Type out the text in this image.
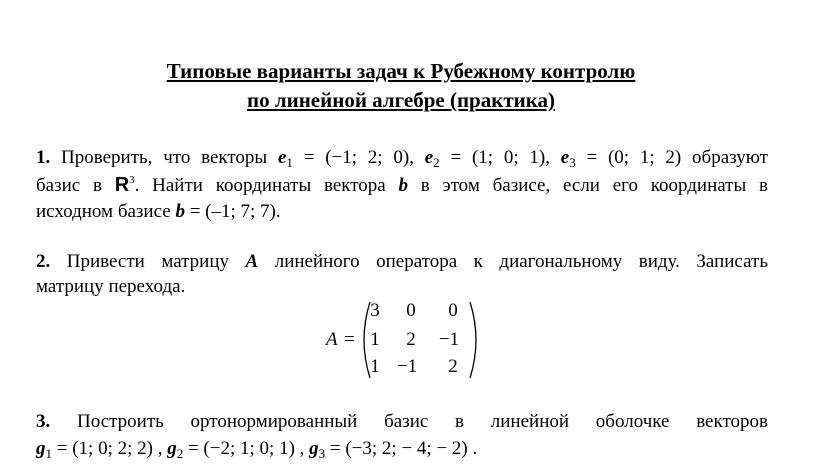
Типовые варианты задач к Рубежному контролю
по линейной алгебре (практика)
1. Проверить, что векторы $e_1 = (-1$; 2; 0), $e_2 = (1$; 0; 1), $e_3 = (0$; 1; 2) образуют
базис в $R^3$. Найти координаты вектора b в этом базисе, если его координаты в
исходном базисе b = (–1; 7; 7).
2. Привести матрицу A линейного оператора к диагональному виду. Записать
матрицу перехода.
A =
3	0	0
1	2	−1
1 −1	2
3. Построить ортонормированный базис в линейной оболочке векторов
$g_1 = (1$; 0; 2; 2) , $g_2 = (-2$; 1; 0; 1) , $g_3 = (-3$; 2; − 4; − 2) .
